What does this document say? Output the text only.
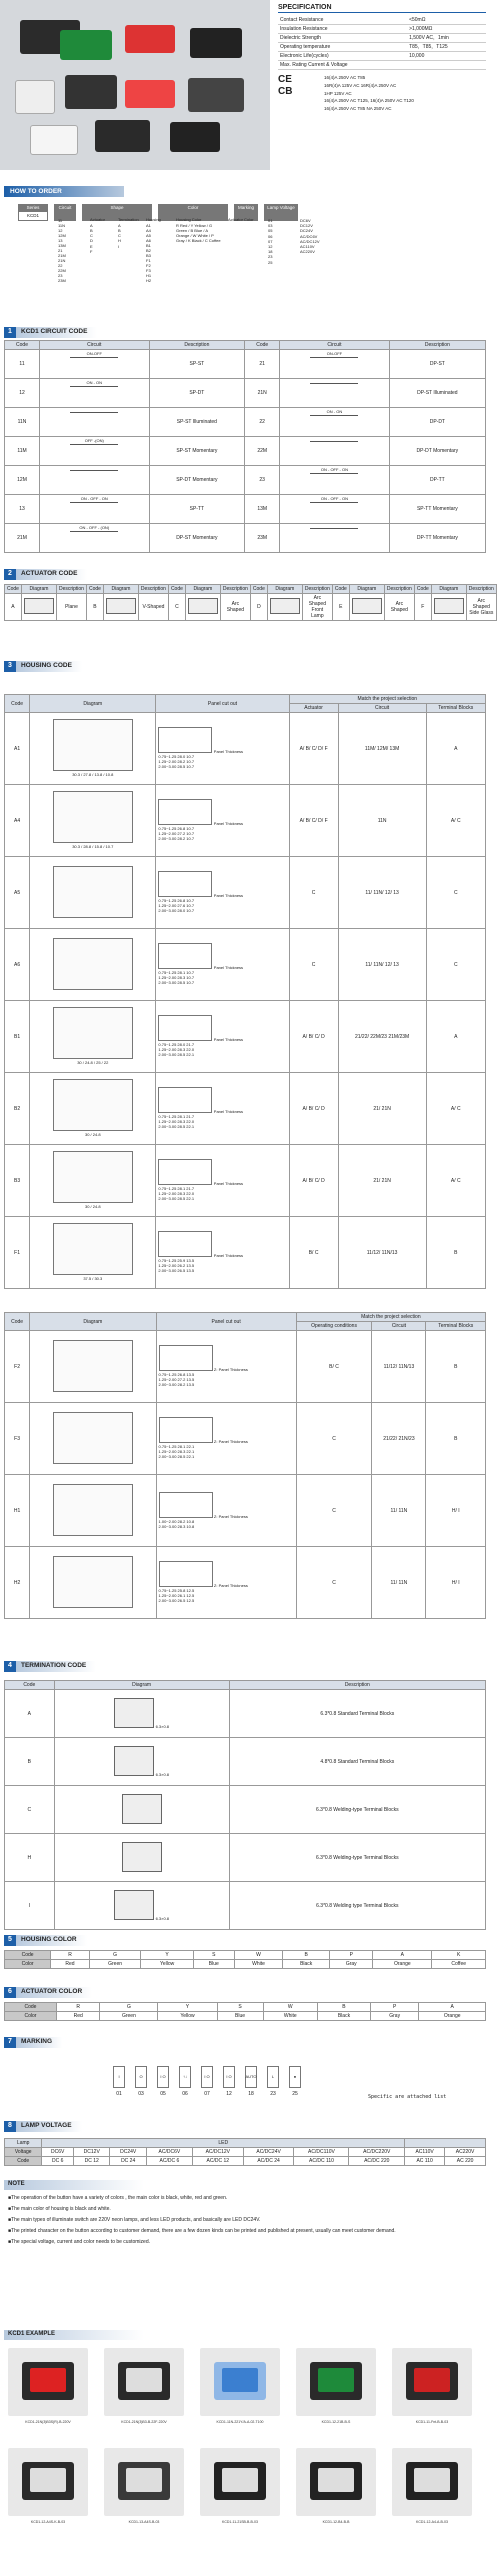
SPECIFICATION
Contact Resistance	<50mΩ
Insulation Resistance	>1,000MΩ
Dielectric Strength	1,500V AC，1min
Operating temperature	T85，T85，T125
Electronic Life(cycles)	10,000
Max. Rating Current & Voltage	
CE
CB
16(4)A 250V AC T85
16R(4)A 125V AC 16R(4)A 250V AC
1HP 125V AC
16(4)A 250V AC T125, 16(4)A 250V AC T120
16(4)A 250V AC T85 NA 250V AC
HOW TO ORDER
Series
KCD1
Circuit	Shape	Color	Marking	Lamp Voltage
11 11N 12 12M 13 13M 21 21M 21N 22 22M 23 23M
Actuator
A B C D E F
Termination
A B C H I
Housing
A1 A4 A5 A6 B1 B2 B3 F1 F2 F3 H1 H2
Housing Color
R Red / Y Yellow / G Green / B Blue / A Orange / W White / P Gray / K Black / C Coffee
Actuator Color	01 03 05 06 07 12 18 23 25
DC6V DC12V DC24V AC/DC6V AC/DC12V AC110V AC220V
1	KCD1 CIRCUIT CODE
Code	Circuit	Description	Code	Circuit	Description
11	ON-OFF	SP-ST	21	ON-OFF	DP-ST
12	ON - ON	SP-DT	21N		DP-ST Illuminated
11N		SP-ST Illuminated	22	ON - ON	DP-DT
11M	OFF -(ON)	SP-ST Momentary	22M		DP-DT Momentary
12M		SP-DT Momentary	23	ON - OFF - ON	DP-TT
13	ON - OFF - ON	SP-TT	13M	ON - OFF - ON	SP-TT Momentary
21M	ON - OFF - (ON)	DP-ST Momentary	23M		DP-TT Momentary
2	ACTUATOR CODE
Code	Diagram	Description	Code	Diagram	Description	Code	Diagram	Description	Code	Diagram	Description	Code	Diagram	Description	Code	Diagram	Description
A		Plane	B		V-Shaped	C		Arc Shaped	D		Arc Shaped Front Lamp	E		Arc Shaped	F		Arc Shaped Side Glass
3	HOUSING CODE
Code	Diagram	Panel cut out	Match the project selection		
			Actuator	Circuit	Terminal Blocks
A1	30.3 / 27.8 / 13.8 / 10.8	Panel Thickness
0.75~1.25 28.0 10.7
1.25~2.00 28.2 10.7
2.00~3.00 28.5 10.7	A/ B/ C/ D/ F	11M/ 12M/ 13M	A
A4	30.3 / 28.8 / 15.8 / 10.7	Panel Thickness
0.75~1.25 26.8 10.7
1.25~2.00 27.2 10.7
2.00~3.00 28.2 10.7	A/ B/ C/ D/ F	11N	A/ C
A5		Panel Thickness
0.75~1.25 26.8 10.7
1.25~2.00 27.6 10.7
2.00~3.00 28.0 10.7	C	11/ 11N/ 12/ 13	C
A6		Panel Thickness
0.75~1.25 28.1 10.7
1.25~2.00 28.3 10.7
2.00~3.00 28.5 10.7	C	11/ 11N/ 12/ 13	C
B1	30 / 24.8 / 25 / 22	Panel Thickness
0.75~1.25 28.0 21.7
1.25~2.00 28.3 22.0
2.00~3.00 28.5 22.1	A/ B/ C/ D	21/22/ 22M/23 21M/23M	A
B2	30 / 24.8	Panel Thickness
0.75~1.25 28.1 21.7
1.25~2.00 28.3 22.0
2.00~3.00 28.5 22.1	A/ B/ C/ D	21/ 21N	A/ C
B3	30 / 24.8	Panel Thickness
0.75~1.25 28.1 21.7
1.25~2.00 28.3 22.0
2.00~3.00 28.5 22.1	A/ B/ C/ D	21/ 21N	A/ C
F1	37.5 / 30.3	Panel Thickness
0.75~1.25 25.9 13.5
1.25~2.00 26.2 13.5
2.00~3.00 26.5 13.5	B/ C	11/12/ 11N/13	B
Code	Diagram	Panel cut out	Match the project selection		
			Operating conditions	Circuit	Terminal Blocks
F2		Z: Panel Thickness
0.75~1.25 26.8 13.5
1.25~2.00 27.2 13.5
2.00~3.00 28.2 13.5	B/ C	11/12/ 11N/13	B
F3		Z: Panel Thickness
0.75~1.25 28.1 22.1
1.25~2.00 28.3 22.1
2.00~3.00 28.5 22.1	C	21/22/ 21N/23	B
H1		Z: Panel Thickness
1.00~2.00 28.2 10.8
2.00~3.00 28.3 10.8	C	11/ 11N	H/ I
H2		Z: Panel Thickness
0.75~1.25 25.8 12.5
1.25~2.00 26.1 12.5
2.00~3.00 26.5 12.5	C	11/ 11N	H/ I
4	TERMINATION CODE
Code	Diagram	Description
A	6.3×0.8	6.3*0.8 Standard Terminal Blocks
B	6.3×0.8	4.8*0.8 Standard Terminal Blocks
C		6.3*0.8 Welding-type Terminal Blocks
H		6.3*0.8 Welding-type Terminal Blocks
I	6.3×0.8	6.3*0.8 Welding type Terminal Blocks
5	HOUSING COLOR
Code	R	G	Y	S	W	B	P	A	K
Color	Red	Green	Yellow	Blue	White	Black	Gray	Orange	Coffee
6	ACTUATOR COLOR
Code	R	G	Y	S	W	B	P	A
Color	Red	Green	Yellow	Blue	White	Black	Gray	Orange
7	MARKING
I
01
O
03
I O
05
↑↓
06
I O
07
I O
12
AUTO
18
L
23
●
25	Specific are attached list
8	LAMP VOLTAGE
Lamp	LED									
Voltage	DC6V	DC12V	DC24V	AC/DC6V	AC/DC12V	AC/DC24V	AC/DC110V	AC/DC220V	AC110V	AC220V
Code	DC 6	DC 12	DC 24	AC/DC 6	AC/DC 12	AC/DC 24	AC/DC 110	AC/DC 220	AC 110	AC 220
NOTE

■The operation of the button have a variety of colors , the main color is black, white, red and green.

■The main color of housing is black and white.

■The main types of illuminate switch are 220V neon lamps, and less LED products, and basically are LED DC24V.

■The printed character on the button according to customer demand, there are a few dozen kinds can be printed and published at present, usually can meet customer demand.

■The special voltage, current and color needs to be customized.

KCD1 EXAMPLE
KCD1-21N(3)B3S(R)-B-220V	KCD1-21N(3)B3-B-22F-220V	KCD1-11N-221Y/A-A-02-T100	KCD1-12-21B-B-S	KCD1-11-Fnt-B-B-03
KCD1-12-A4S-K-B-03	KCD1-13-A4S-B-03	KCD1-11-21SB-B-B-03	KCD1-12-B4-B-B	KCD1-12-A4-A-B-03
